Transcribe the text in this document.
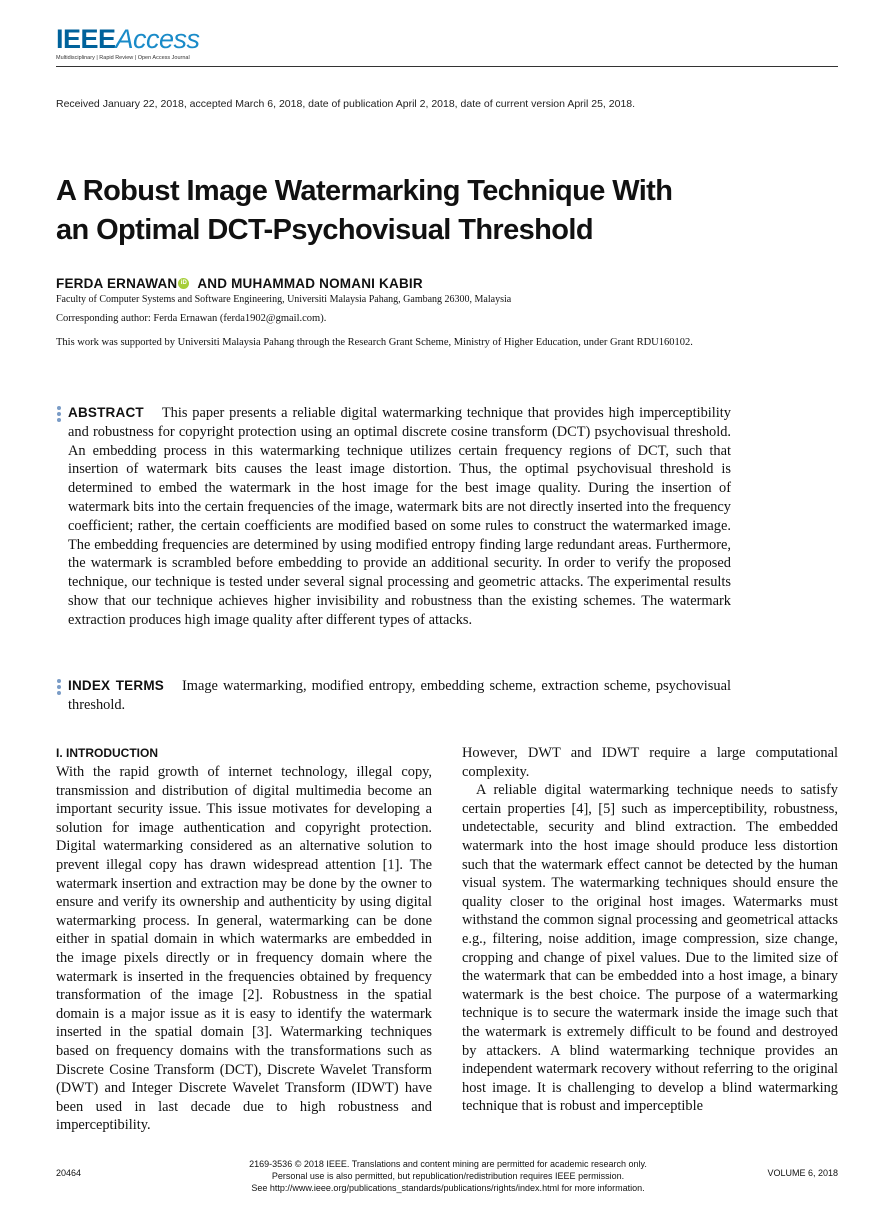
IEEEAccess
Multidisciplinary | Rapid Review | Open Access Journal
Received January 22, 2018, accepted March 6, 2018, date of publication April 2, 2018, date of current version April 25, 2018.
A Robust Image Watermarking Technique With
an Optimal DCT-Psychovisual Threshold
FERDA ERNAWAN iD AND MUHAMMAD NOMANI KABIR
Faculty of Computer Systems and Software Engineering, Universiti Malaysia Pahang, Gambang 26300, Malaysia
Corresponding author: Ferda Ernawan (ferda1902@gmail.com).
This work was supported by Universiti Malaysia Pahang through the Research Grant Scheme, Ministry of Higher Education, under Grant RDU160102.

ABSTRACT This paper presents a reliable digital watermarking technique that provides high imperceptibility and robustness for copyright protection using an optimal discrete cosine transform (DCT) psychovisual threshold. An embedding process in this watermarking technique utilizes certain frequency regions of DCT, such that insertion of watermark bits causes the least image distortion. Thus, the optimal psychovisual threshold is determined to embed the watermark in the host image for the best image quality. During the insertion of watermark bits into the certain frequencies of the image, watermark bits are not directly inserted into the frequency coefficient; rather, the certain coefficients are modified based on some rules to construct the watermarked image. The embedding frequencies are determined by using modified entropy finding large redundant areas. Furthermore, the watermark is scrambled before embedding to provide an additional security. In order to verify the proposed technique, our technique is tested under several signal processing and geometric attacks. The experimental results show that our technique achieves higher invisibility and robustness than the existing schemes. The watermark extraction produces high image quality after different types of attacks.

INDEX TERMS Image watermarking, modified entropy, embedding scheme, extraction scheme, psychovisual threshold.

I. INTRODUCTION

With the rapid growth of internet technology, illegal copy, transmission and distribution of digital multimedia become an important security issue. This issue motivates for developing a solution for image authentication and copyright protection. Digital watermarking considered as an alternative solution to prevent illegal copy has drawn widespread attention [1]. The watermark insertion and extraction may be done by the owner to ensure and verify its ownership and authenticity by using digital watermarking process. In general, watermarking can be done either in spatial domain in which watermarks are embedded in the image pixels directly or in frequency domain where the watermark is inserted in the frequencies obtained by frequency transformation of the image [2]. Robustness in the spatial domain is a major issue as it is easy to identify the watermark inserted in the spatial domain [3]. Watermarking techniques based on frequency domains with the transformations such as Discrete Cosine Transform (DCT), Discrete Wavelet Transform (DWT) and Integer Discrete Wavelet Transform (IDWT) have been used in last decade due to high robustness and imperceptibility.

However, DWT and IDWT require a large computational complexity.

A reliable digital watermarking technique needs to satisfy certain properties [4], [5] such as imperceptibility, robustness, undetectable, security and blind extraction. The embedded watermark into the host image should produce less distortion such that the watermark effect cannot be detected by the human visual system. The watermarking techniques should ensure the quality closer to the original host images. Watermarks must withstand the common signal processing and geometrical attacks e.g., filtering, noise addition, image compression, size change, cropping and change of pixel values. Due to the limited size of the watermark that can be embedded into a host image, a binary watermark is the best choice. The purpose of a watermarking technique is to secure the watermark inside the image such that the watermark is extremely difficult to be found and destroyed by attackers. A blind watermarking technique provides an independent watermark recovery without referring to the original host image. It is challenging to develop a blind watermarking technique that is robust and imperceptible

20464
2169-3536 © 2018 IEEE. Translations and content mining are permitted for academic research only.
Personal use is also permitted, but republication/redistribution requires IEEE permission.
See http://www.ieee.org/publications_standards/publications/rights/index.html for more information.
VOLUME 6, 2018
